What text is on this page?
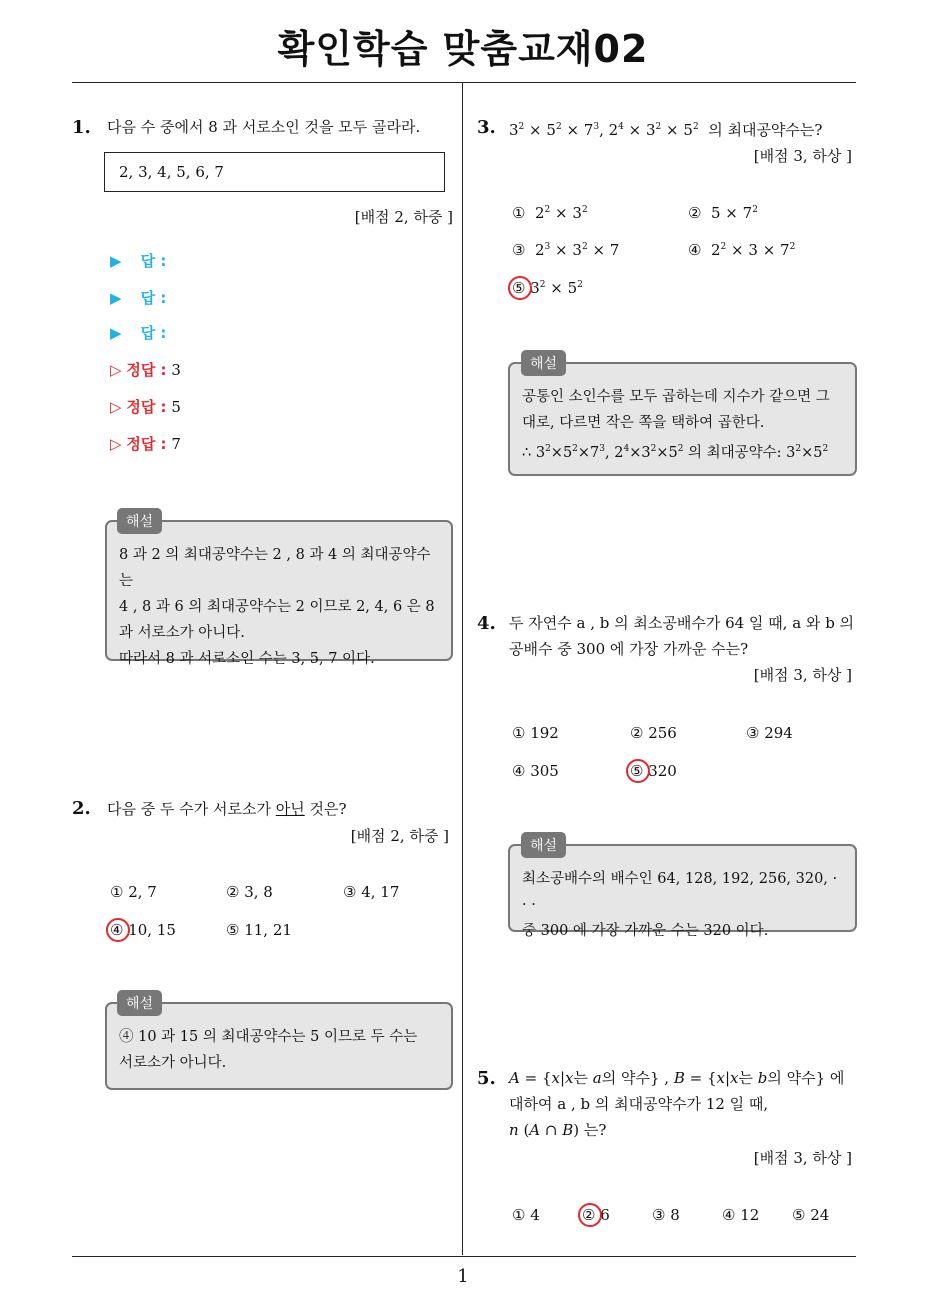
확인학습 맞춤교재02
1
1. 다음 수 중에서 8 과 서로소인 것을 모두 골라라.
2, 3, 4, 5, 6, 7
[배점 2, 하중 ]
▶ 답 :
▶ 답 :
▶ 답 :
▷ 정답 : 3
▷ 정답 : 5
▷ 정답 : 7
8 과 2 의 최대공약수는 2 , 8 과 4 의 최대공약수는
4 , 8 과 6 의 최대공약수는 2 이므로 2, 4, 6 은 8
과 서로소가 아니다.
따라서 8 과 서로소인 수는 3, 5, 7 이다.
해설
2. 다음 중 두 수가 서로소가 아닌 것은?
[배점 2, 하중 ]
① 2, 7	② 3, 8	③ 4, 17
④ 10, 15	⑤ 11, 21
④ 10 과 15 의 최대공약수는 5 이므로 두 수는
서로소가 아니다.
해설
3. $3^2 \times 5^2 \times 7^3$, $2^4 \times 3^2 \times 5^2$  의 최대공약수는?
[배점 3, 하상 ]
①  $2^2 \times 3^2$	②  $5 \times 7^2$
③  $2^3 \times 3^2 \times 7$	④  $2^2 \times 3 \times 7^2$
⑤ $3^2 \times 5^2$
공통인 소인수를 모두 곱하는데 지수가 같으면 그
대로, 다르면 작은 쪽을 택하여 곱한다.
∴ $3^2\times 5^2\times 7^3$, $2^4\times 3^2\times 5^2$ 의 최대공약수: $3^2\times 5^2$
해설
4. 두 자연수 a , b 의 최소공배수가 64 일 때, a 와 b 의
공배수 중 300 에 가장 가까운 수는?
[배점 3, 하상 ]
① 192	② 256	③ 294
④ 305	⑤ 320
최소공배수의 배수인 64, 128, 192, 256, 320, · · ·
중 300 에 가장 가까운 수는 320 이다.
해설
5. A = {x|x는 a의 약수} , B = {x|x는 b의 약수} 에
대하여 a , b 의 최대공약수가 12 일 때,
n (A ∩ B) 는?
[배점 3, 하상 ]
① 4	② 6	③ 8	④ 12 ⑤ 24
